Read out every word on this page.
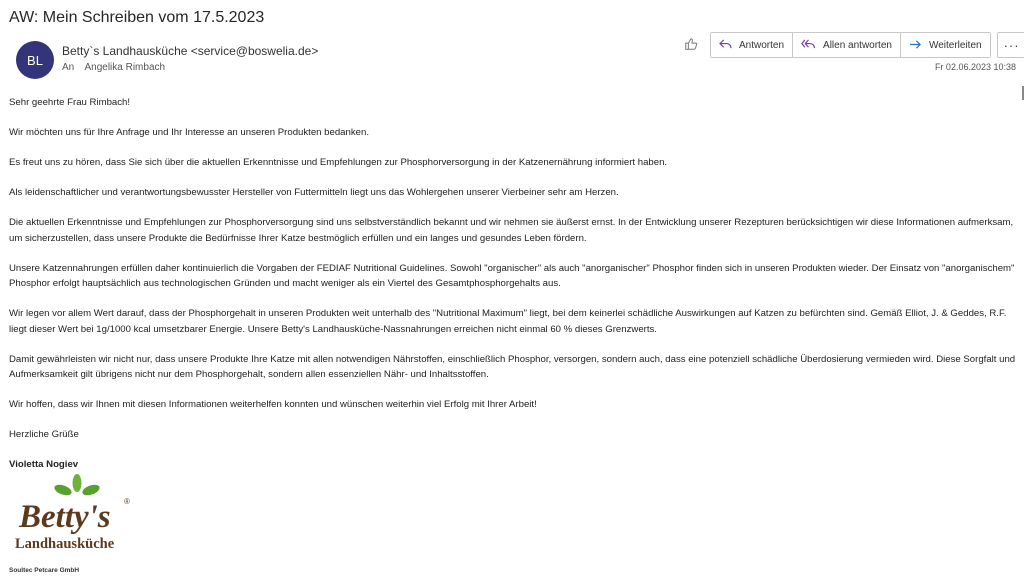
AW: Mein Schreiben vom 17.5.2023
BL
Betty`s Landhausküche <service@boswelia.de>
An Angelika Rimbach
Antworten	Allen antworten	Weiterleiten	···
Fr 02.06.2023 10:38

Sehr geehrte Frau Rimbach!

Wir möchten uns für Ihre Anfrage und Ihr Interesse an unseren Produkten bedanken.

Es freut uns zu hören, dass Sie sich über die aktuellen Erkenntnisse und Empfehlungen zur Phosphorversorgung in der Katzenernährung informiert haben.

Als leidenschaftlicher und verantwortungsbewusster Hersteller von Futtermitteln liegt uns das Wohlergehen unserer Vierbeiner sehr am Herzen.

Die aktuellen Erkenntnisse und Empfehlungen zur Phosphorversorgung sind uns selbstverständlich bekannt und wir nehmen sie äußerst ernst. In der Entwicklung unserer Rezepturen berücksichtigen wir diese Informationen aufmerksam, um sicherzustellen, dass unsere Produkte die Bedürfnisse Ihrer Katze bestmöglich erfüllen und ein langes und gesundes Leben fördern.

Unsere Katzennahrungen erfüllen daher kontinuierlich die Vorgaben der FEDIAF Nutritional Guidelines. Sowohl "organischer" als auch "anorganischer" Phosphor finden sich in unseren Produkten wieder. Der Einsatz von "anorganischem" Phosphor erfolgt hauptsächlich aus technologischen Gründen und macht weniger als ein Viertel des Gesamtphosphorgehalts aus.

Wir legen vor allem Wert darauf, dass der Phosphorgehalt in unseren Produkten weit unterhalb des "Nutritional Maximum" liegt, bei dem keinerlei schädliche Auswirkungen auf Katzen zu befürchten sind. Gemäß Elliot, J. & Geddes, R.F. liegt dieser Wert bei 1g/1000 kcal umsetzbarer Energie. Unsere Betty's Landhausküche-Nassnahrungen erreichen nicht einmal 60 % dieses Grenzwerts.

Damit gewährleisten wir nicht nur, dass unsere Produkte Ihre Katze mit allen notwendigen Nährstoffen, einschließlich Phosphor, versorgen, sondern auch, dass eine potenziell schädliche Überdosierung vermieden wird. Diese Sorgfalt und Aufmerksamkeit gilt übrigens nicht nur dem Phosphorgehalt, sondern allen essenziellen Nähr- und Inhaltsstoffen.

Wir hoffen, dass wir Ihnen mit diesen Informationen weiterhelfen konnten und wünschen weiterhin viel Erfolg mit Ihrer Arbeit!

Herzliche Grüße

Violetta Nogiev

Betty's ®
Landhausküche
Soultec Petcare GmbH
